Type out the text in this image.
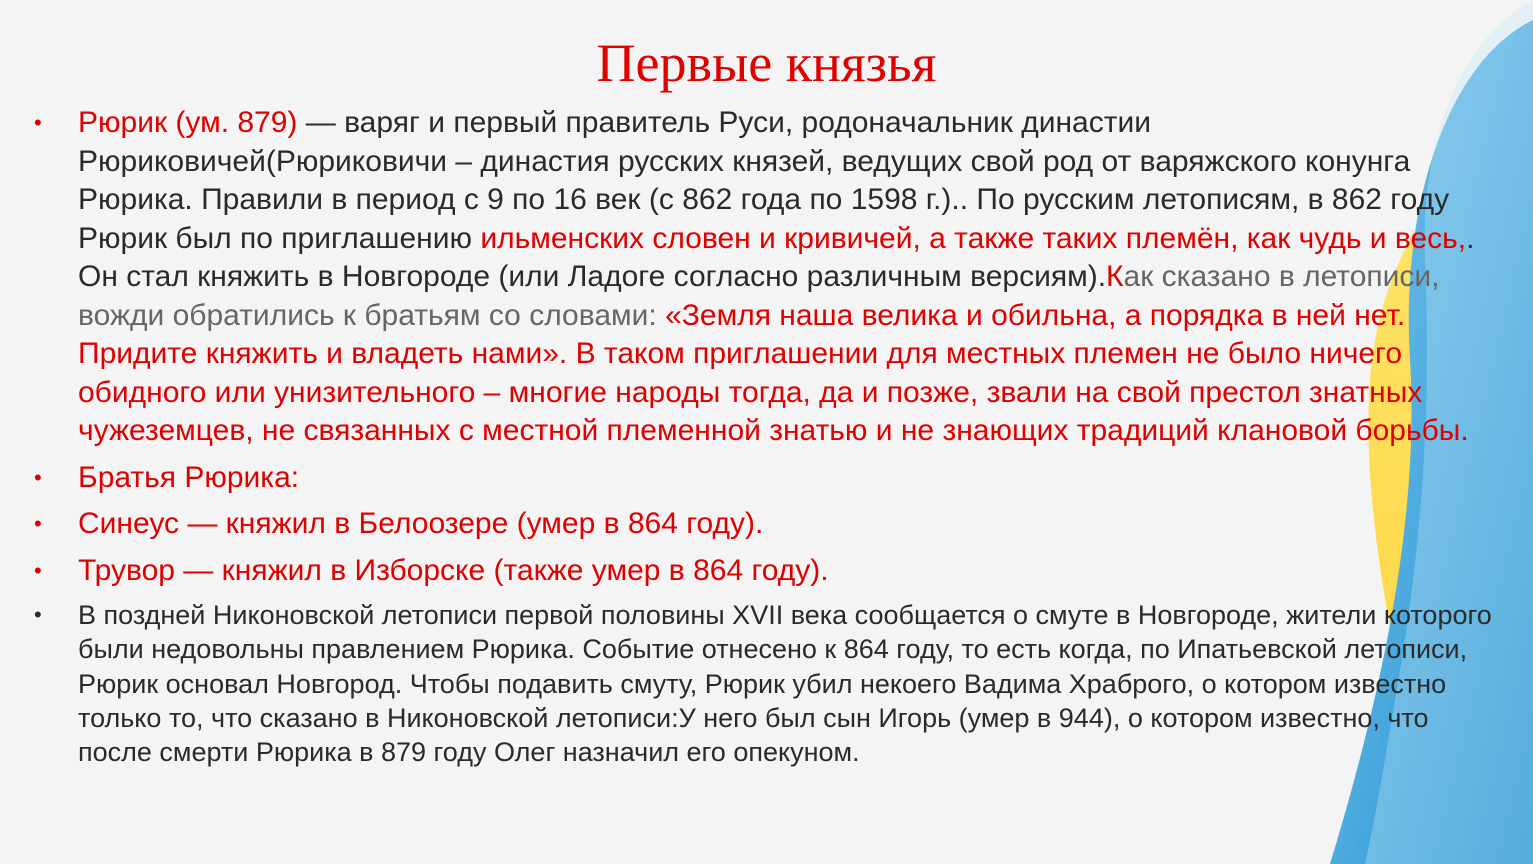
Первые князья
• Рюрик (ум. 879) — варяг и первый правитель Руси, родоначальник династии Рюриковичей(Рюриковичи – династия русских князей, ведущих свой род от варяжского конунга Рюрика. Правили в период с 9 по 16 век (с 862 года по 1598 г.).. По русским летописям, в 862 году Рюрик был по приглашению ильменских словен и кривичей, а также таких племён, как чудь и весь,. Он стал княжить в Новгороде (или Ладоге согласно различным версиям).Как сказано в летописи, вожди обратились к братьям со словами: «Земля наша велика и обильна, а порядка в ней нет. Придите княжить и владеть нами». В таком приглашении для местных племен не было ничего обидного или унизительного – многие народы тогда, да и позже, звали на свой престол знатных чужеземцев, не связанных с местной племенной знатью и не знающих традиций клановой борьбы.
• Братья Рюрика:
• Синеус — княжил в Белоозере (умер в 864 году).
• Трувор — княжил в Изборске (также умер в 864 году).
• В поздней Никоновской летописи первой половины XVII века сообщается о смуте в Новгороде, жители которого были недовольны правлением Рюрика. Событие отнесено к 864 году, то есть когда, по Ипатьевской летописи, Рюрик основал Новгород. Чтобы подавить смуту, Рюрик убил некоего Вадима Храброго, о котором известно только то, что сказано в Никоновской летописи:У него был сын Игорь (умер в 944), о котором известно, что после смерти Рюрика в 879 году Олег назначил его опекуном.
